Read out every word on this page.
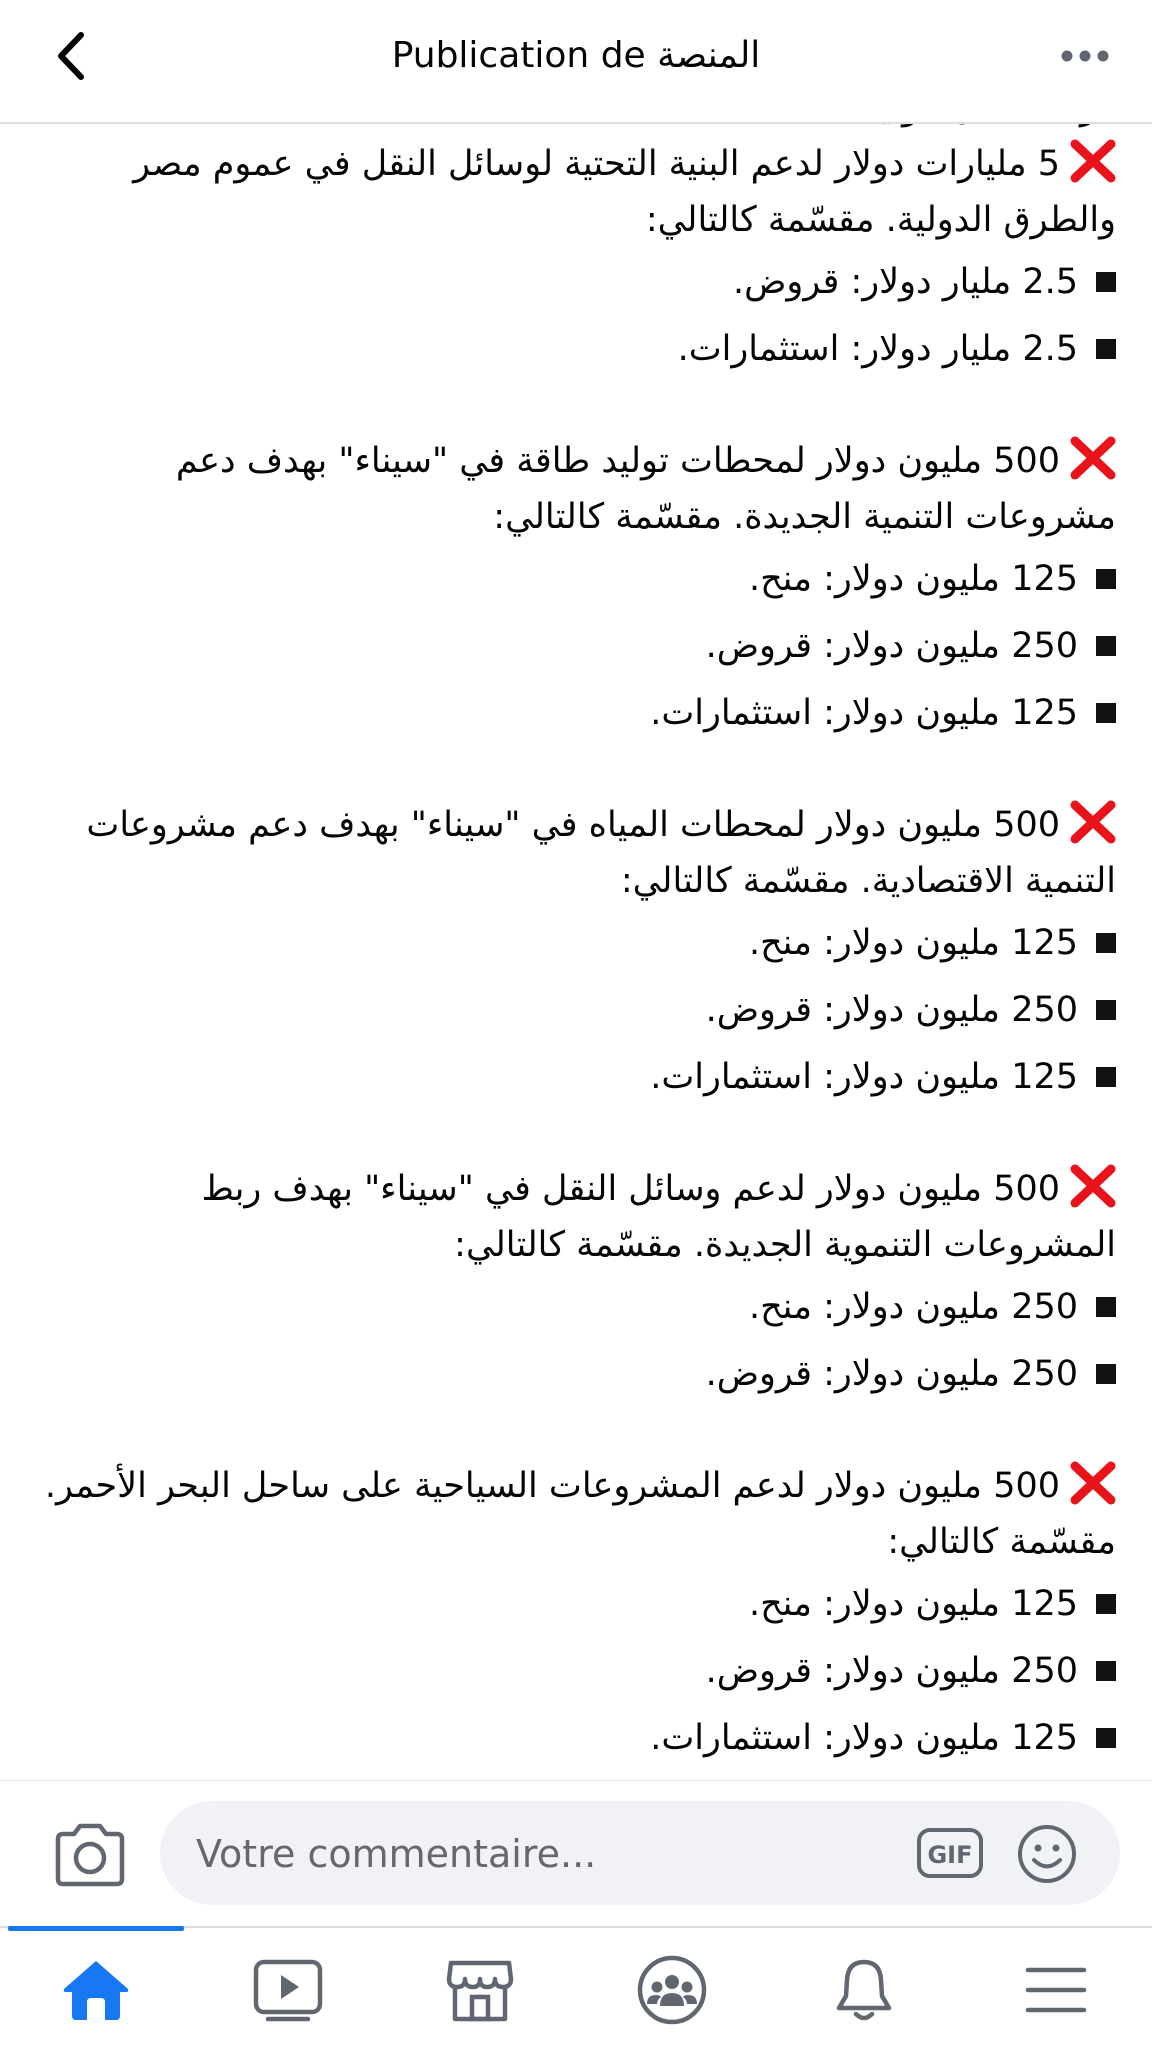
Publication de المنصة
5 مليارات دولار لدعم البنية التحتية لوسائل النقل في عموم مصر والطرق الدولية. مقسّمة كالتالي:
2.5 مليار دولار: قروض.
2.5 مليار دولار: استثمارات.
500 مليون دولار لمحطات توليد طاقة في "سيناء" بهدف دعم مشروعات التنمية الجديدة. مقسّمة كالتالي:
125 مليون دولار: منح.
250 مليون دولار: قروض.
125 مليون دولار: استثمارات.
500 مليون دولار لمحطات المياه في "سيناء" بهدف دعم مشروعات التنمية الاقتصادية. مقسّمة كالتالي:
125 مليون دولار: منح.
250 مليون دولار: قروض.
125 مليون دولار: استثمارات.
500 مليون دولار لدعم وسائل النقل في "سيناء" بهدف ربط المشروعات التنموية الجديدة. مقسّمة كالتالي:
250 مليون دولار: منح.
250 مليون دولار: قروض.
500 مليون دولار لدعم المشروعات السياحية على ساحل البحر الأحمر. مقسّمة كالتالي:
125 مليون دولار: منح.
250 مليون دولار: قروض.
125 مليون دولار: استثمارات.
Votre commentaire...
GIF
